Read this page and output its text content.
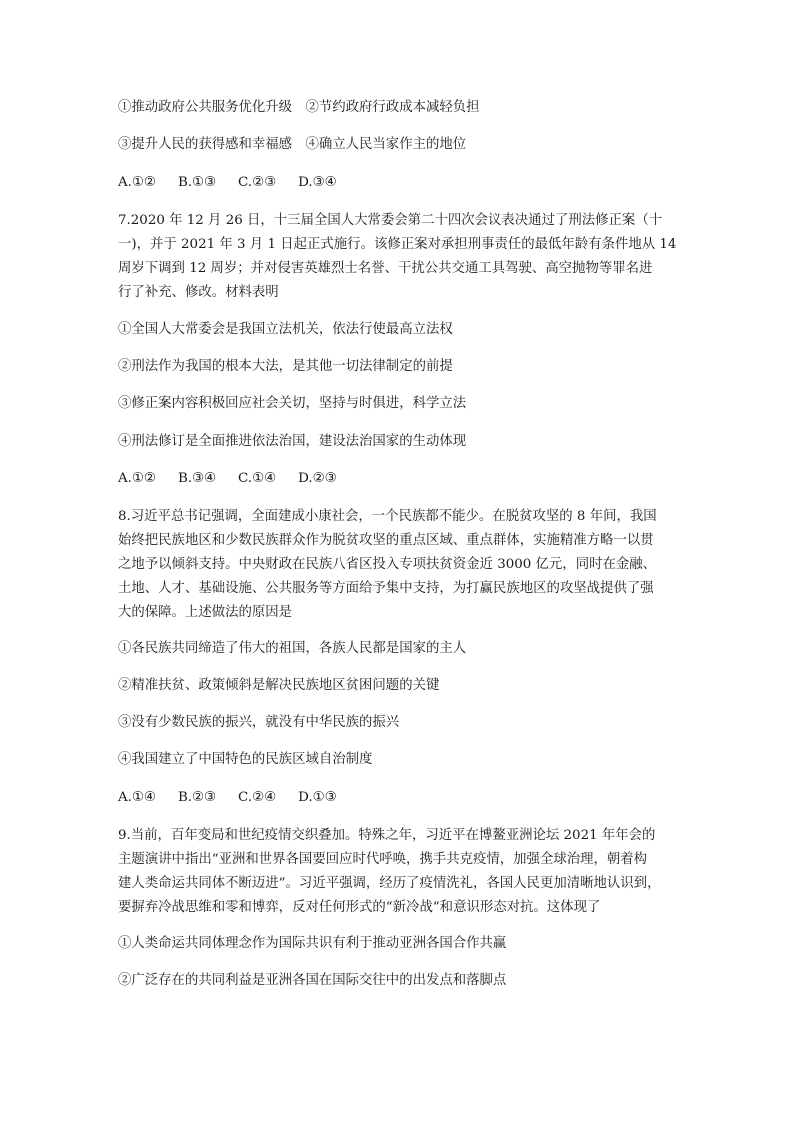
①推动政府公共服务优化升级　②节约政府行政成本减轻负担
③提升人民的获得感和幸福感　④确立人民当家作主的地位
A.①② B.①③ C.②③ D.③④
7.2020 年 12 月 26 日，十三届全国人大常委会第二十四次会议表决通过了刑法修正案（十
一)，并于 2021 年 3 月 1 日起正式施行。该修正案对承担刑事责任的最低年龄有条件地从 14
周岁下调到 12 周岁；并对侵害英雄烈士名誉、干扰公共交通工具驾驶、高空抛物等罪名进
行了补充、修改。材料表明
①全国人大常委会是我国立法机关，依法行使最高立法权
②刑法作为我国的根本大法，是其他一切法律制定的前提
③修正案内容积极回应社会关切，坚持与时俱进，科学立法
④刑法修订是全面推进依法治国，建设法治国家的生动体现
A.①② B.③④ C.①④ D.②③
8.习近平总书记强调，全面建成小康社会，一个民族都不能少。在脱贫攻坚的 8 年间，我国
始终把民族地区和少数民族群众作为脱贫攻坚的重点区域、重点群体，实施精准方略一以贯
之地予以倾斜支持。中央财政在民族八省区投入专项扶贫资金近 3000 亿元，同时在金融、
土地、人才、基础设施、公共服务等方面给予集中支持，为打赢民族地区的攻坚战提供了强
大的保障。上述做法的原因是
①各民族共同缔造了伟大的祖国，各族人民都是国家的主人
②精准扶贫、政策倾斜是解决民族地区贫困问题的关键
③没有少数民族的振兴，就没有中华民族的振兴
④我国建立了中国特色的民族区域自治制度
A.①④ B.②③ C.②④ D.①③
9.当前，百年变局和世纪疫情交织叠加。特殊之年，习近平在博鳌亚洲论坛 2021 年年会的
主题演讲中指出“亚洲和世界各国要回应时代呼唤，携手共克疫情，加强全球治理，朝着构
建人类命运共同体不断迈进”。习近平强调，经历了疫情洗礼，各国人民更加清晰地认识到，
要摒弃冷战思维和零和博弈，反对任何形式的“新冷战”和意识形态对抗。这体现了
①人类命运共同体理念作为国际共识有利于推动亚洲各国合作共赢
②广泛存在的共同利益是亚洲各国在国际交往中的出发点和落脚点
